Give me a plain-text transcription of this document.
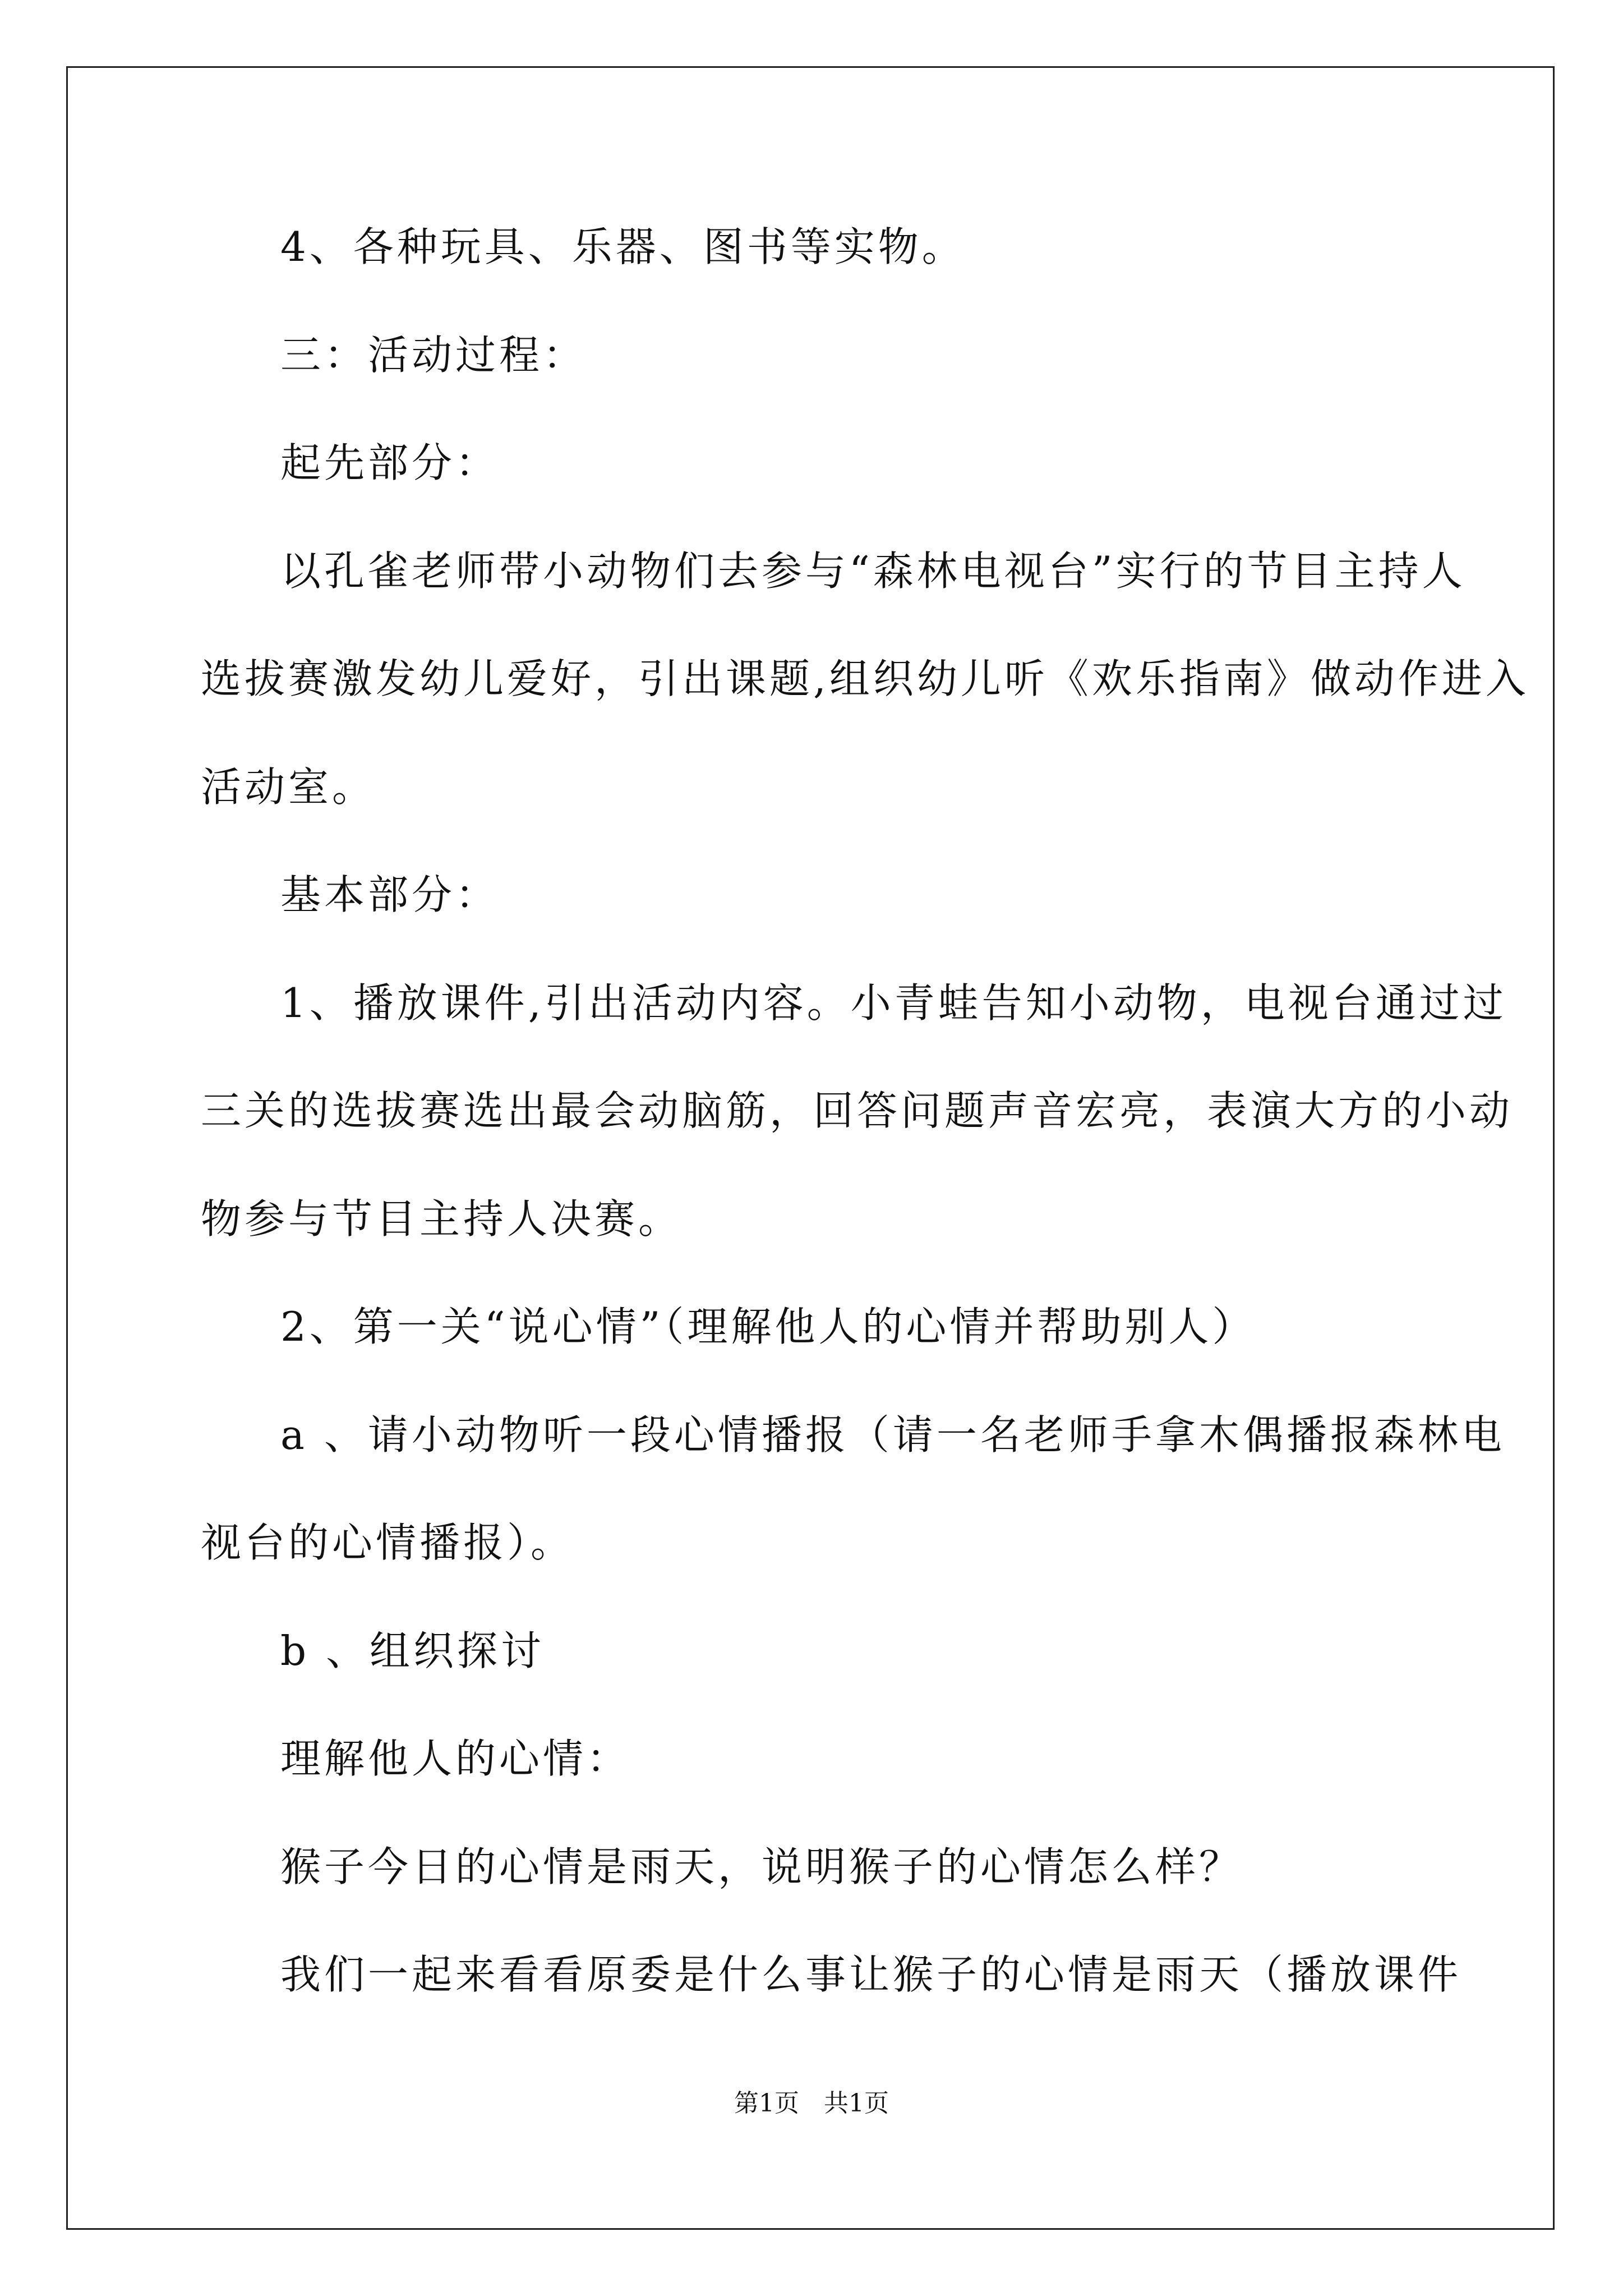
4、各种玩具、乐器、图书等实物。
三：活动过程：
起先部分：
以孔雀老师带小动物们去参与“森林电视台”实行的节目主持人
选拔赛激发幼儿爱好，引出课题,组织幼儿听《欢乐指南》做动作进入
活动室。
基本部分：
1、播放课件,引出活动内容。小青蛙告知小动物，电视台通过过
三关的选拔赛选出最会动脑筋，回答问题声音宏亮，表演大方的小动
物参与节目主持人决赛。
2、第一关“说心情”（理解他人的心情并帮助别人）
a 、请小动物听一段心情播报（请一名老师手拿木偶播报森林电
视台的心情播报）。
b 、组织探讨
理解他人的心情：
猴子今日的心情是雨天，说明猴子的心情怎么样？
我们一起来看看原委是什么事让猴子的心情是雨天（播放课件
第1页　共1页
